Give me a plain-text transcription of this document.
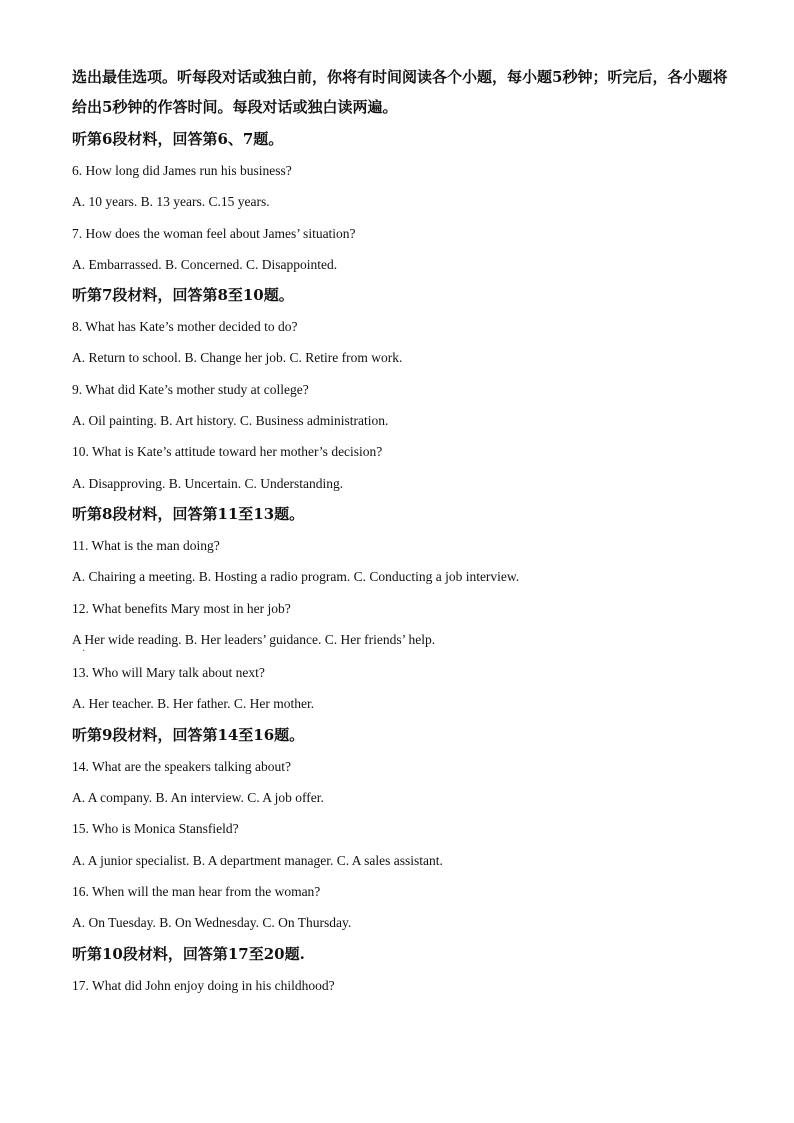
选出最佳选项。听每段对话或独白前，你将有时间阅读各个小题，每小题5秒钟；听完后，各小题将给出5秒钟的作答时间。每段对话或独白读两遍。

听第6段材料，回答第6、7题。

6. How long did James run his business?

A. 10 years. B. 13 years. C.15 years.

7. How does the woman feel about James’ situation?

A. Embarrassed. B. Concerned. C. Disappointed.

听第7段材料，回答第8至10题。

8. What has Kate’s mother decided to do?

A. Return to school. B. Change her job. C. Retire from work.

9. What did Kate’s mother study at college?

A. Oil painting. B. Art history. C. Business administration.

10. What is Kate’s attitude toward her mother’s decision?

A. Disapproving. B. Uncertain. C. Understanding.

听第8段材料，回答第11至13题。

11. What is the man doing?

A. Chairing a meeting. B. Hosting a radio program. C. Conducting a job interview.

12. What benefits Mary most in her job?

A Her wide reading. B. Her leaders’ guidance. C. Her friends’ help.

·

13. Who will Mary talk about next?

A. Her teacher. B. Her father. C. Her mother.

听第9段材料，回答第14至16题。

14. What are the speakers talking about?

A. A company. B. An interview. C. A job offer.

15. Who is Monica Stansfield?

A. A junior specialist. B. A department manager. C. A sales assistant.

16. When will the man hear from the woman?

A. On Tuesday. B. On Wednesday. C. On Thursday.

听第10段材料，回答第17至20题.

17. What did John enjoy doing in his childhood?
